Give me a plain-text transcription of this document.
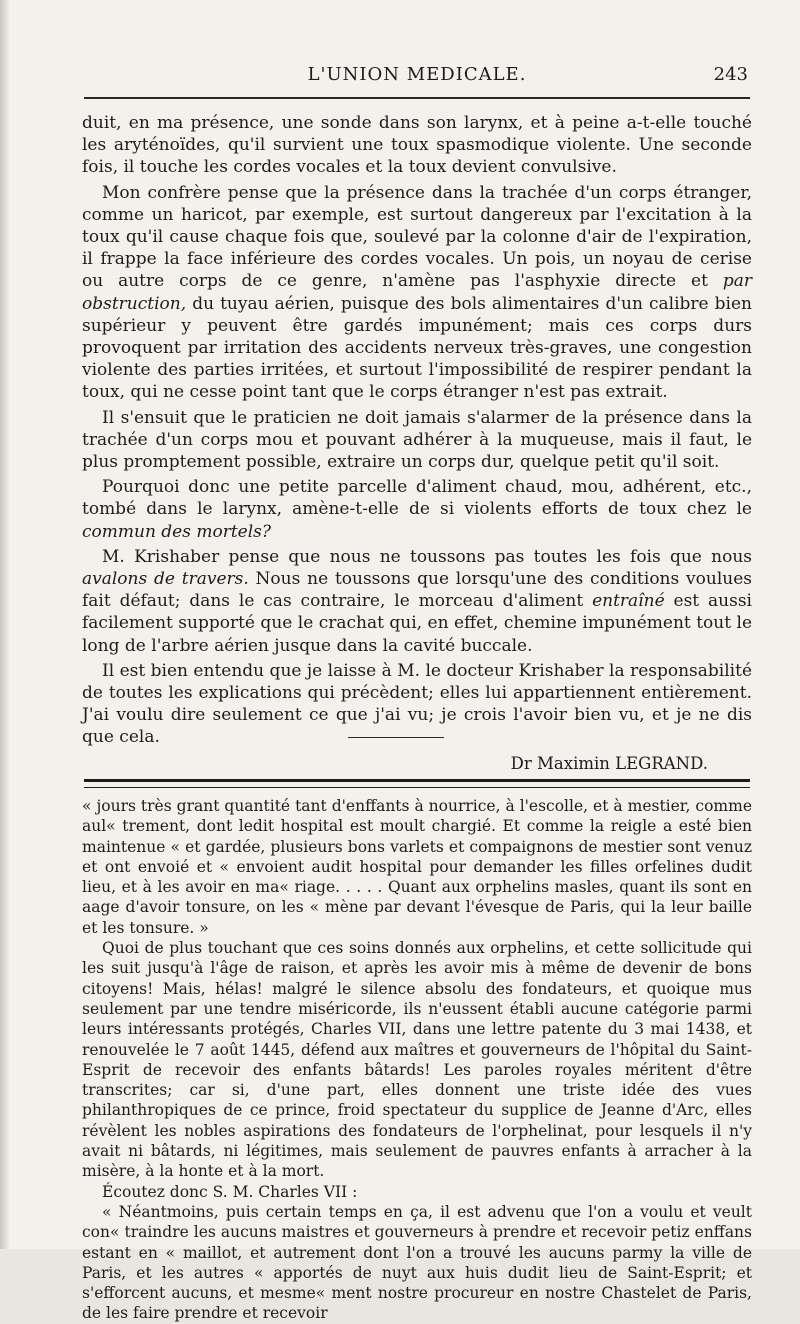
L'UNION MEDICALE.	243

duit, en ma présence, une sonde dans son larynx, et à peine a-t-elle touché les aryténoïdes, qu'il survient une toux spasmodique violente. Une seconde fois, il touche les cordes vocales et la toux devient convulsive.

Mon confrère pense que la présence dans la trachée d'un corps étranger, comme un haricot, par exemple, est surtout dangereux par l'excitation à la toux qu'il cause chaque fois que, soulevé par la colonne d'air de l'expiration, il frappe la face inférieure des cordes vocales. Un pois, un noyau de cerise ou autre corps de ce genre, n'amène pas l'asphyxie directe et par obstruction, du tuyau aérien, puisque des bols alimentaires d'un calibre bien supérieur y peuvent être gardés impunément; mais ces corps durs provoquent par irritation des accidents nerveux très-graves, une congestion violente des parties irritées, et surtout l'impossibilité de respirer pendant la toux, qui ne cesse point tant que le corps étranger n'est pas extrait.

Il s'ensuit que le praticien ne doit jamais s'alarmer de la présence dans la trachée d'un corps mou et pouvant adhérer à la muqueuse, mais il faut, le plus promptement possible, extraire un corps dur, quelque petit qu'il soit.

Pourquoi donc une petite parcelle d'aliment chaud, mou, adhérent, etc., tombé dans le larynx, amène-t-elle de si violents efforts de toux chez le commun des mortels?

M. Krishaber pense que nous ne toussons pas toutes les fois que nous avalons de travers. Nous ne toussons que lorsqu'une des conditions voulues fait défaut; dans le cas contraire, le morceau d'aliment entraîné est aussi facilement supporté que le crachat qui, en effet, chemine impunément tout le long de l'arbre aérien jusque dans la cavité buccale.

Il est bien entendu que je laisse à M. le docteur Krishaber la responsabilité de toutes les explications qui précèdent; elles lui appartiennent entièrement. J'ai voulu dire seulement ce que j'ai vu; je crois l'avoir bien vu, et je ne dis que cela.

Dr Maximin LEGRAND.

« jours très grant quantité tant d'enffants à nourrice, à l'escolle, et à mestier, comme aul« trement, dont ledit hospital est moult chargié. Et comme la reigle a esté bien maintenue « et gardée, plusieurs bons varlets et compaignons de mestier sont venuz et ont envoié et « envoient audit hospital pour demander les filles orfelines dudit lieu, et à les avoir en ma« riage. . . . . Quant aux orphelins masles, quant ils sont en aage d'avoir tonsure, on les « mène par devant l'évesque de Paris, qui la leur baille et les tonsure. »

Quoi de plus touchant que ces soins donnés aux orphelins, et cette sollicitude qui les suit jusqu'à l'âge de raison, et après les avoir mis à même de devenir de bons citoyens! Mais, hélas! malgré le silence absolu des fondateurs, et quoique mus seulement par une tendre miséricorde, ils n'eussent établi aucune catégorie parmi leurs intéressants protégés, Charles VII, dans une lettre patente du 3 mai 1438, et renouvelée le 7 août 1445, défend aux maîtres et gouverneurs de l'hôpital du Saint-Esprit de recevoir des enfants bâtards! Les paroles royales méritent d'être transcrites; car si, d'une part, elles donnent une triste idée des vues philanthropiques de ce prince, froid spectateur du supplice de Jeanne d'Arc, elles révèlent les nobles aspirations des fondateurs de l'orphelinat, pour lesquels il n'y avait ni bâtards, ni légitimes, mais seulement de pauvres enfants à arracher à la misère, à la honte et à la mort.

Écoutez donc S. M. Charles VII :

« Néantmoins, puis certain temps en ça, il est advenu que l'on a voulu et veult con« traindre les aucuns maistres et gouverneurs à prendre et recevoir petiz enffans estant en « maillot, et autrement dont l'on a trouvé les aucuns parmy la ville de Paris, et les autres « apportés de nuyt aux huis dudit lieu de Saint-Esprit; et s'efforcent aucuns, et mesme« ment nostre procureur en nostre Chastelet de Paris, de les faire prendre et recevoir
